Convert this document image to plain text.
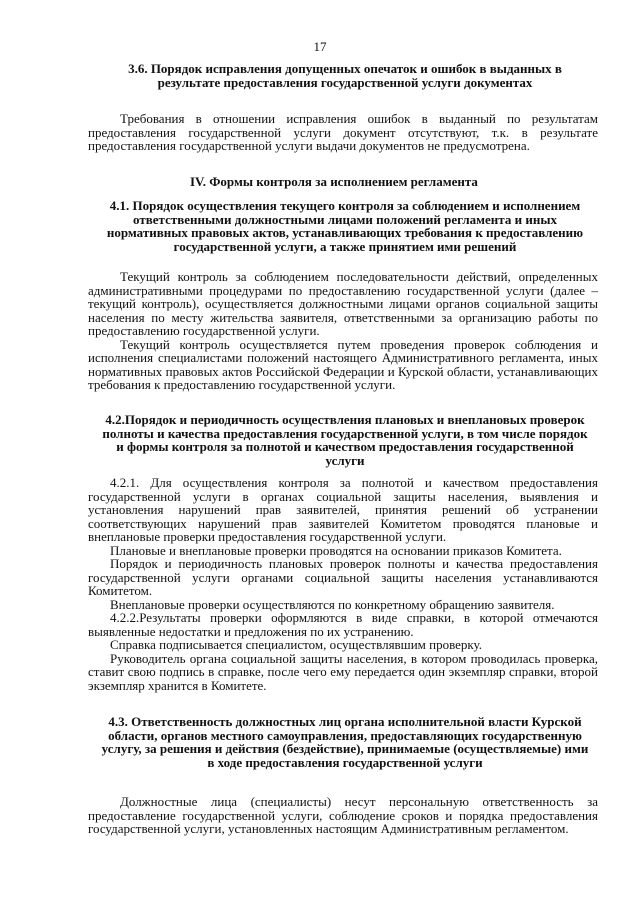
17
3.6. Порядок исправления допущенных опечаток и ошибок в выданных в результате предоставления государственной услуги документах

Требования в отношении исправления ошибок в выданный по результатам предоставления государственной услуги документ отсутствуют, т.к. в результате предоставления государственной услуги выдачи документов не предусмотрена.

IV. Формы контроля за исполнением регламента
4.1. Порядок осуществления текущего контроля за соблюдением и исполнением ответственными должностными лицами положений регламента и иных нормативных правовых актов, устанавливающих требования к предоставлению государственной услуги, а также принятием ими решений

Текущий контроль за соблюдением последовательности действий, определенных административными процедурами по предоставлению государственной услуги (далее – текущий контроль), осуществляется должностными лицами органов социальной защиты населения по месту жительства заявителя, ответственными за организацию работы по предоставлению государственной услуги.

Текущий контроль осуществляется путем проведения проверок соблюдения и исполнения специалистами положений настоящего Административного регламента, иных нормативных правовых актов Российской Федерации и Курской области, устанавливающих требования к предоставлению государственной услуги.

4.2.Порядок и периодичность осуществления плановых и внеплановых проверок полноты и качества предоставления государственной услуги, в том числе порядок и формы контроля за полнотой и качеством предоставления государственной услуги

4.2.1. Для осуществления контроля за полнотой и качеством предоставления государственной услуги в органах социальной защиты населения, выявления и установления нарушений прав заявителей, принятия решений об устранении соответствующих нарушений прав заявителей Комитетом проводятся плановые и внеплановые проверки предоставления государственной услуги.

Плановые и внеплановые проверки проводятся на основании приказов Комитета.

Порядок и периодичность плановых проверок полноты и качества предоставления государственной услуги органами социальной защиты населения устанавливаются Комитетом.

Внеплановые проверки осуществляются по конкретному обращению заявителя.

4.2.2.Результаты проверки оформляются в виде справки, в которой отмечаются выявленные недостатки и предложения по их устранению.

Справка подписывается специалистом, осуществлявшим проверку.

Руководитель органа социальной защиты населения, в котором проводилась проверка, ставит свою подпись в справке, после чего ему передается один экземпляр справки, второй экземпляр хранится в Комитете.

4.3. Ответственность должностных лиц органа исполнительной власти Курской области, органов местного самоуправления, предоставляющих государственную услугу, за решения и действия (бездействие), принимаемые (осуществляемые) ими в ходе предоставления государственной услуги

Должностные лица (специалисты) несут персональную ответственность за предоставление государственной услуги, соблюдение сроков и порядка предоставления государственной услуги, установленных настоящим Административным регламентом.
